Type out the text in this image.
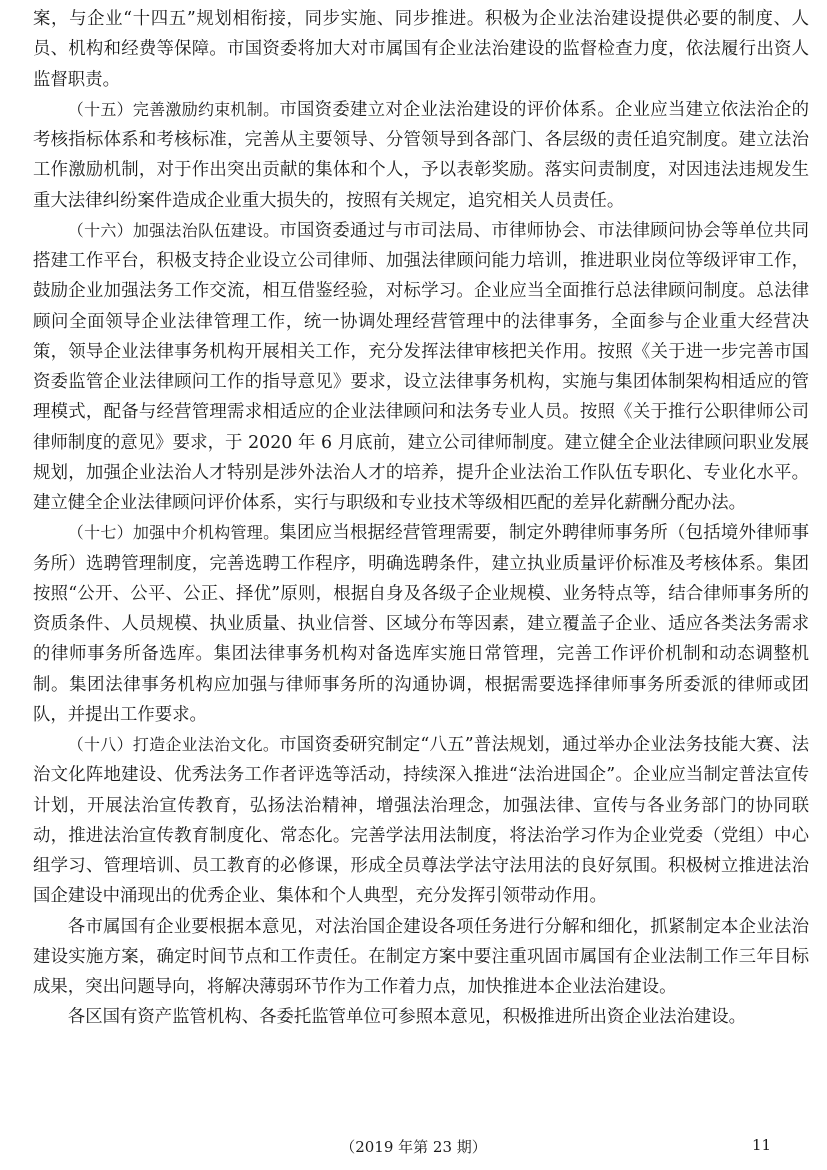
案，与企业“十四五”规划相衔接，同步实施、同步推进。积极为企业法治建设提供必要的制度、人员、机构和经费等保障。市国资委将加大对市属国有企业法治建设的监督检查力度，依法履行出资人监督职责。

（十五）完善激励约束机制。市国资委建立对企业法治建设的评价体系。企业应当建立依法治企的考核指标体系和考核标准，完善从主要领导、分管领导到各部门、各层级的责任追究制度。建立法治工作激励机制，对于作出突出贡献的集体和个人，予以表彰奖励。落实问责制度，对因违法违规发生重大法律纠纷案件造成企业重大损失的，按照有关规定，追究相关人员责任。

（十六）加强法治队伍建设。市国资委通过与市司法局、市律师协会、市法律顾问协会等单位共同搭建工作平台，积极支持企业设立公司律师、加强法律顾问能力培训，推进职业岗位等级评审工作，鼓励企业加强法务工作交流，相互借鉴经验，对标学习。企业应当全面推行总法律顾问制度。总法律顾问全面领导企业法律管理工作，统一协调处理经营管理中的法律事务，全面参与企业重大经营决策，领导企业法律事务机构开展相关工作，充分发挥法律审核把关作用。按照《关于进一步完善市国资委监管企业法律顾问工作的指导意见》要求，设立法律事务机构，实施与集团体制架构相适应的管理模式，配备与经营管理需求相适应的企业法律顾问和法务专业人员。按照《关于推行公职律师公司律师制度的意见》要求，于 2020 年 6 月底前，建立公司律师制度。建立健全企业法律顾问职业发展规划，加强企业法治人才特别是涉外法治人才的培养，提升企业法治工作队伍专职化、专业化水平。建立健全企业法律顾问评价体系，实行与职级和专业技术等级相匹配的差异化薪酬分配办法。

（十七）加强中介机构管理。集团应当根据经营管理需要，制定外聘律师事务所（包括境外律师事务所）选聘管理制度，完善选聘工作程序，明确选聘条件，建立执业质量评价标准及考核体系。集团按照“公开、公平、公正、择优”原则，根据自身及各级子企业规模、业务特点等，结合律师事务所的资质条件、人员规模、执业质量、执业信誉、区域分布等因素，建立覆盖子企业、适应各类法务需求的律师事务所备选库。集团法律事务机构对备选库实施日常管理，完善工作评价机制和动态调整机制。集团法律事务机构应加强与律师事务所的沟通协调，根据需要选择律师事务所委派的律师或团队，并提出工作要求。

（十八）打造企业法治文化。市国资委研究制定“八五”普法规划，通过举办企业法务技能大赛、法治文化阵地建设、优秀法务工作者评选等活动，持续深入推进“法治进国企”。企业应当制定普法宣传计划，开展法治宣传教育，弘扬法治精神，增强法治理念，加强法律、宣传与各业务部门的协同联动，推进法治宣传教育制度化、常态化。完善学法用法制度，将法治学习作为企业党委（党组）中心组学习、管理培训、员工教育的必修课，形成全员尊法学法守法用法的良好氛围。积极树立推进法治国企建设中涌现出的优秀企业、集体和个人典型，充分发挥引领带动作用。

各市属国有企业要根据本意见，对法治国企建设各项任务进行分解和细化，抓紧制定本企业法治建设实施方案，确定时间节点和工作责任。在制定方案中要注重巩固市属国有企业法制工作三年目标成果，突出问题导向，将解决薄弱环节作为工作着力点，加快推进本企业法治建设。

各区国有资产监管机构、各委托监管单位可参照本意见，积极推进所出资企业法治建设。

（2019 年第 23 期）	11
